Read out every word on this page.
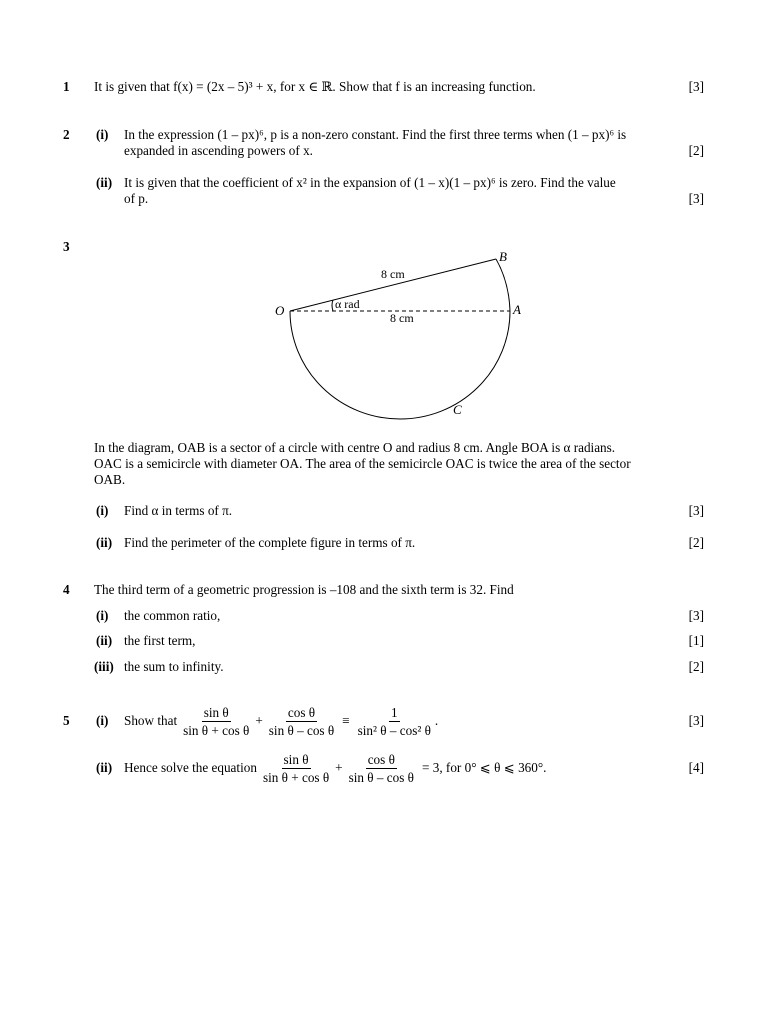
1 It is given that f(x) = (2x – 5)³ + x, for x ∈ ℝ. Show that f is an increasing function.	[3]
2 (i) In the expression (1 – px)⁶, p is a non-zero constant. Find the first three terms when (1 – px)⁶ is
expanded in ascending powers of x.	[2]
(ii) It is given that the coefficient of x² in the expansion of (1 – x)(1 – px)⁶ is zero. Find the value
of p.	[3]
3
O	A
B
C
8 cm
8 cm
α rad
In the diagram, OAB is a sector of a circle with centre O and radius 8 cm. Angle BOA is α radians.
OAC is a semicircle with diameter OA. The area of the semicircle OAC is twice the area of the sector
OAB.
(i) Find α in terms of π.	[3]
(ii) Find the perimeter of the complete figure in terms of π.	[2]
4 The third term of a geometric progression is –108 and the sixth term is 32. Find
(i) the common ratio,	[3]
(ii) the first term,	[1]
(iii) the sum to infinity.	[2]
5 (i) Show that $\frac{\text{sin θ}}{\text{sin θ + cos θ}} + \frac{\text{cos θ}}{\text{sin θ – cos θ}} \equiv \frac{1}{\text{sin² θ – cos² θ}}$ .	[3]
(ii) Hence solve the equation $\frac{\text{sin θ}}{\text{sin θ + cos θ}} + \frac{\text{cos θ}}{\text{sin θ – cos θ}} = 3$, for 0° ⩽ θ ⩽ 360°.	[4]
